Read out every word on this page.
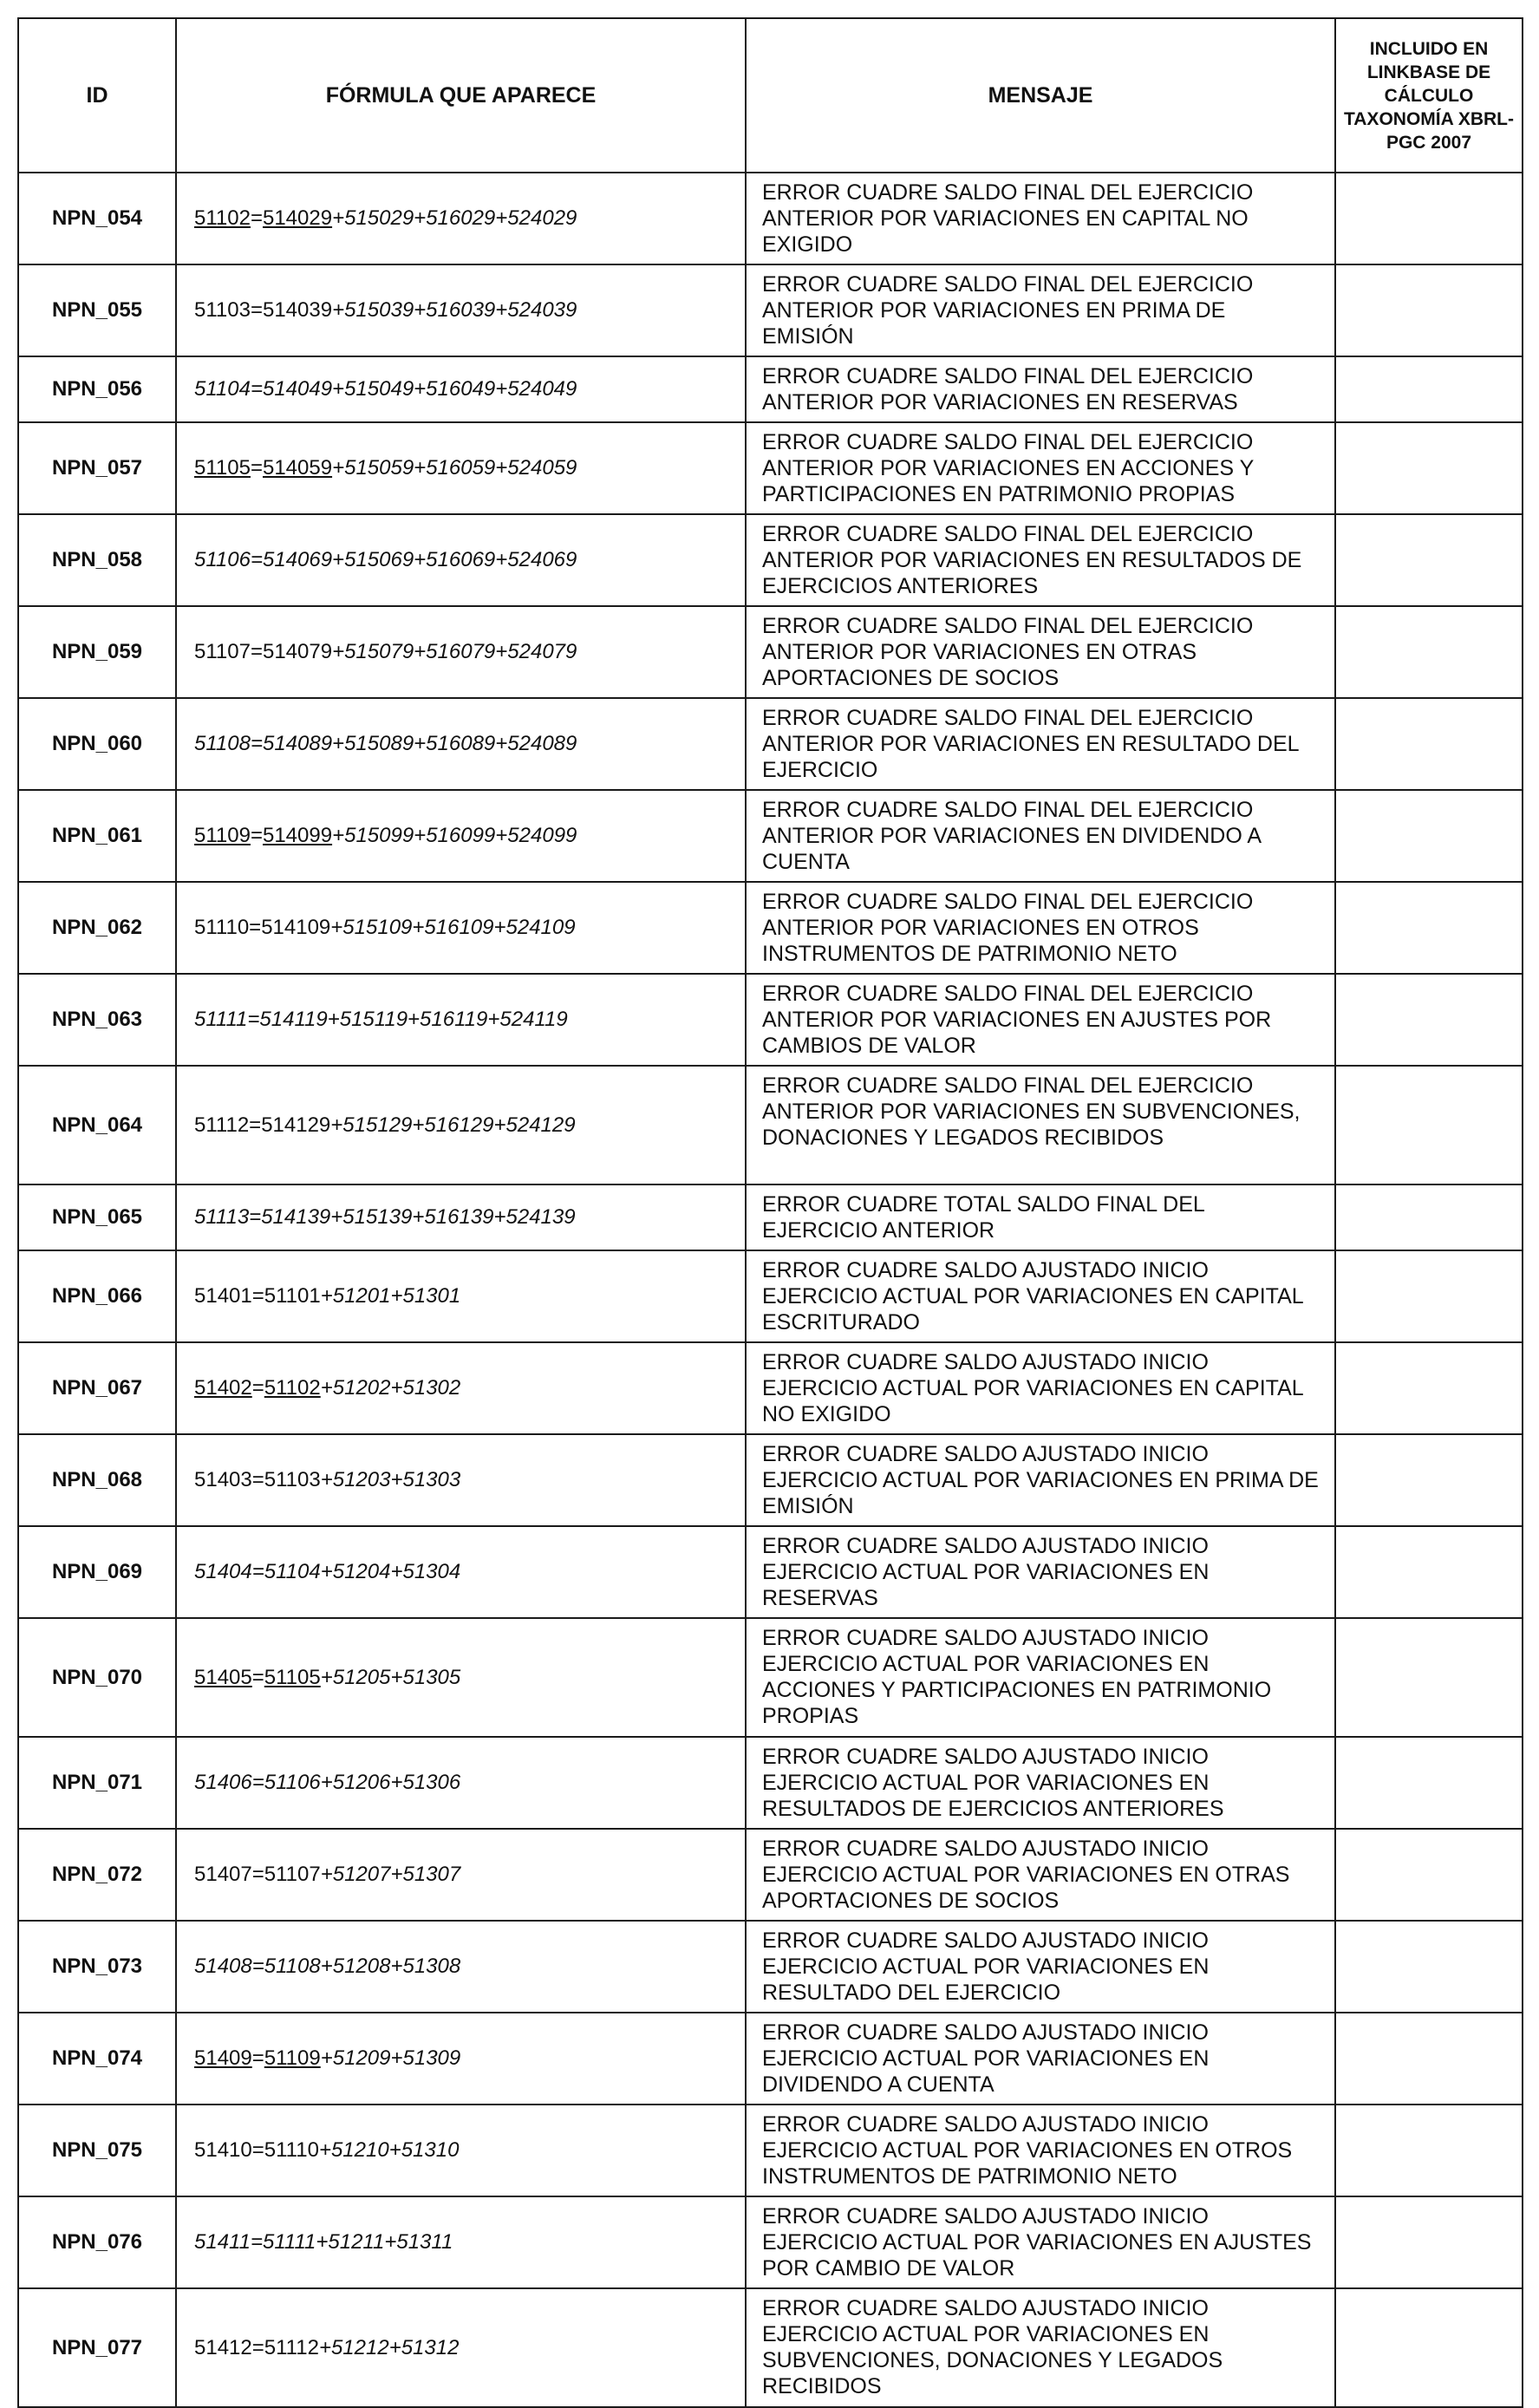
ID	FÓRMULA QUE APARECE	MENSAJE	INCLUIDO EN LINKBASE DE CÁLCULO TAXONOMÍA XBRL-PGC 2007
NPN_054	51102=514029+515029+516029+524029	ERROR CUADRE SALDO FINAL DEL EJERCICIO ANTERIOR POR VARIACIONES EN CAPITAL NO EXIGIDO	
NPN_055	51103=514039+515039+516039+524039	ERROR CUADRE SALDO FINAL DEL EJERCICIO ANTERIOR POR VARIACIONES EN PRIMA DE EMISIÓN	
NPN_056	51104=514049+515049+516049+524049	ERROR CUADRE SALDO FINAL DEL EJERCICIO ANTERIOR POR VARIACIONES EN RESERVAS	
NPN_057	51105=514059+515059+516059+524059	ERROR CUADRE SALDO FINAL DEL EJERCICIO ANTERIOR POR VARIACIONES EN ACCIONES Y PARTICIPACIONES EN PATRIMONIO PROPIAS	
NPN_058	51106=514069+515069+516069+524069	ERROR CUADRE SALDO FINAL DEL EJERCICIO ANTERIOR POR VARIACIONES EN RESULTADOS DE EJERCICIOS ANTERIORES	
NPN_059	51107=514079+515079+516079+524079	ERROR CUADRE SALDO FINAL DEL EJERCICIO ANTERIOR POR VARIACIONES EN OTRAS APORTACIONES DE SOCIOS	
NPN_060	51108=514089+515089+516089+524089	ERROR CUADRE SALDO FINAL DEL EJERCICIO ANTERIOR POR VARIACIONES EN RESULTADO DEL EJERCICIO	
NPN_061	51109=514099+515099+516099+524099	ERROR CUADRE SALDO FINAL DEL EJERCICIO ANTERIOR POR VARIACIONES EN DIVIDENDO A CUENTA	
NPN_062	51110=514109+515109+516109+524109	ERROR CUADRE SALDO FINAL DEL EJERCICIO ANTERIOR POR VARIACIONES EN OTROS INSTRUMENTOS DE PATRIMONIO NETO	
NPN_063	51111=514119+515119+516119+524119	ERROR CUADRE SALDO FINAL DEL EJERCICIO ANTERIOR POR VARIACIONES EN AJUSTES POR CAMBIOS DE VALOR	
NPN_064	51112=514129+515129+516129+524129	ERROR CUADRE SALDO FINAL DEL EJERCICIO ANTERIOR POR VARIACIONES EN SUBVENCIONES, DONACIONES Y LEGADOS RECIBIDOS	
NPN_065	51113=514139+515139+516139+524139	ERROR CUADRE TOTAL SALDO FINAL DEL EJERCICIO ANTERIOR	
NPN_066	51401=51101+51201+51301	ERROR CUADRE SALDO AJUSTADO INICIO EJERCICIO ACTUAL POR VARIACIONES EN CAPITAL ESCRITURADO	
NPN_067	51402=51102+51202+51302	ERROR CUADRE SALDO AJUSTADO INICIO EJERCICIO ACTUAL POR VARIACIONES EN CAPITAL NO EXIGIDO	
NPN_068	51403=51103+51203+51303	ERROR CUADRE SALDO AJUSTADO INICIO EJERCICIO ACTUAL POR VARIACIONES EN PRIMA DE EMISIÓN	
NPN_069	51404=51104+51204+51304	ERROR CUADRE SALDO AJUSTADO INICIO EJERCICIO ACTUAL POR VARIACIONES EN RESERVAS	
NPN_070	51405=51105+51205+51305	ERROR CUADRE SALDO AJUSTADO INICIO EJERCICIO ACTUAL POR VARIACIONES EN ACCIONES Y PARTICIPACIONES EN PATRIMONIO PROPIAS	
NPN_071	51406=51106+51206+51306	ERROR CUADRE SALDO AJUSTADO INICIO EJERCICIO ACTUAL POR VARIACIONES EN RESULTADOS DE EJERCICIOS ANTERIORES	
NPN_072	51407=51107+51207+51307	ERROR CUADRE SALDO AJUSTADO INICIO EJERCICIO ACTUAL POR VARIACIONES EN OTRAS APORTACIONES DE SOCIOS	
NPN_073	51408=51108+51208+51308	ERROR CUADRE SALDO AJUSTADO INICIO EJERCICIO ACTUAL POR VARIACIONES EN RESULTADO DEL EJERCICIO	
NPN_074	51409=51109+51209+51309	ERROR CUADRE SALDO AJUSTADO INICIO EJERCICIO ACTUAL POR VARIACIONES EN DIVIDENDO A CUENTA	
NPN_075	51410=51110+51210+51310	ERROR CUADRE SALDO AJUSTADO INICIO EJERCICIO ACTUAL POR VARIACIONES EN OTROS INSTRUMENTOS DE PATRIMONIO NETO	
NPN_076	51411=51111+51211+51311	ERROR CUADRE SALDO AJUSTADO INICIO EJERCICIO ACTUAL POR VARIACIONES EN AJUSTES POR CAMBIO DE VALOR	
NPN_077	51412=51112+51212+51312	ERROR CUADRE SALDO AJUSTADO INICIO EJERCICIO ACTUAL POR VARIACIONES EN SUBVENCIONES, DONACIONES Y LEGADOS RECIBIDOS	
